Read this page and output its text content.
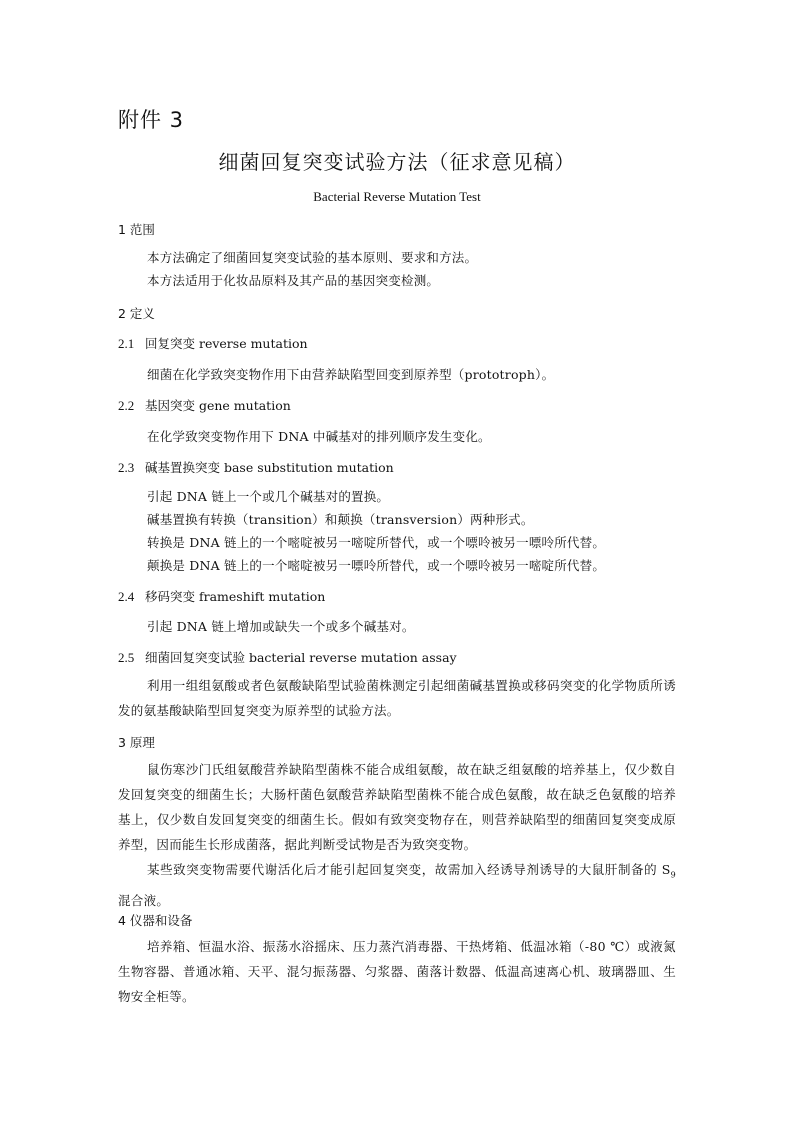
附件 3
细菌回复突变试验方法（征求意见稿）
Bacterial Reverse Mutation Test
1 范围
本方法确定了细菌回复突变试验的基本原则、要求和方法。
本方法适用于化妆品原料及其产品的基因突变检测。
2 定义
2.1 回复突变 reverse mutation
细菌在化学致突变物作用下由营养缺陷型回变到原养型（prototroph）。
2.2 基因突变 gene mutation
在化学致突变物作用下 DNA 中碱基对的排列顺序发生变化。
2.3 碱基置换突变 base substitution mutation
引起 DNA 链上一个或几个碱基对的置换。
碱基置换有转换（transition）和颠换（transversion）两种形式。
转换是 DNA 链上的一个嘧啶被另一嘧啶所替代，或一个嘌呤被另一嘌呤所代替。
颠换是 DNA 链上的一个嘧啶被另一嘌呤所替代，或一个嘌呤被另一嘧啶所代替。
2.4 移码突变 frameshift mutation
引起 DNA 链上增加或缺失一个或多个碱基对。
2.5 细菌回复突变试验 bacterial reverse mutation assay
利用一组组氨酸或者色氨酸缺陷型试验菌株测定引起细菌碱基置换或移码突变的化学物质所诱发的氨基酸缺陷型回复突变为原养型的试验方法。
3 原理
鼠伤寒沙门氏组氨酸营养缺陷型菌株不能合成组氨酸，故在缺乏组氨酸的培养基上，仅少数自发回复突变的细菌生长；大肠杆菌色氨酸营养缺陷型菌株不能合成色氨酸，故在缺乏色氨酸的培养基上，仅少数自发回复突变的细菌生长。假如有致突变物存在，则营养缺陷型的细菌回复突变成原养型，因而能生长形成菌落，据此判断受试物是否为致突变物。
某些致突变物需要代谢活化后才能引起回复突变，故需加入经诱导剂诱导的大鼠肝制备的 $S_9$混合液。
4 仪器和设备
培养箱、恒温水浴、振荡水浴摇床、压力蒸汽消毒器、干热烤箱、低温冰箱（-80 ℃）或液氮生物容器、普通冰箱、天平、混匀振荡器、匀浆器、菌落计数器、低温高速离心机、玻璃器皿、生物安全柜等。
